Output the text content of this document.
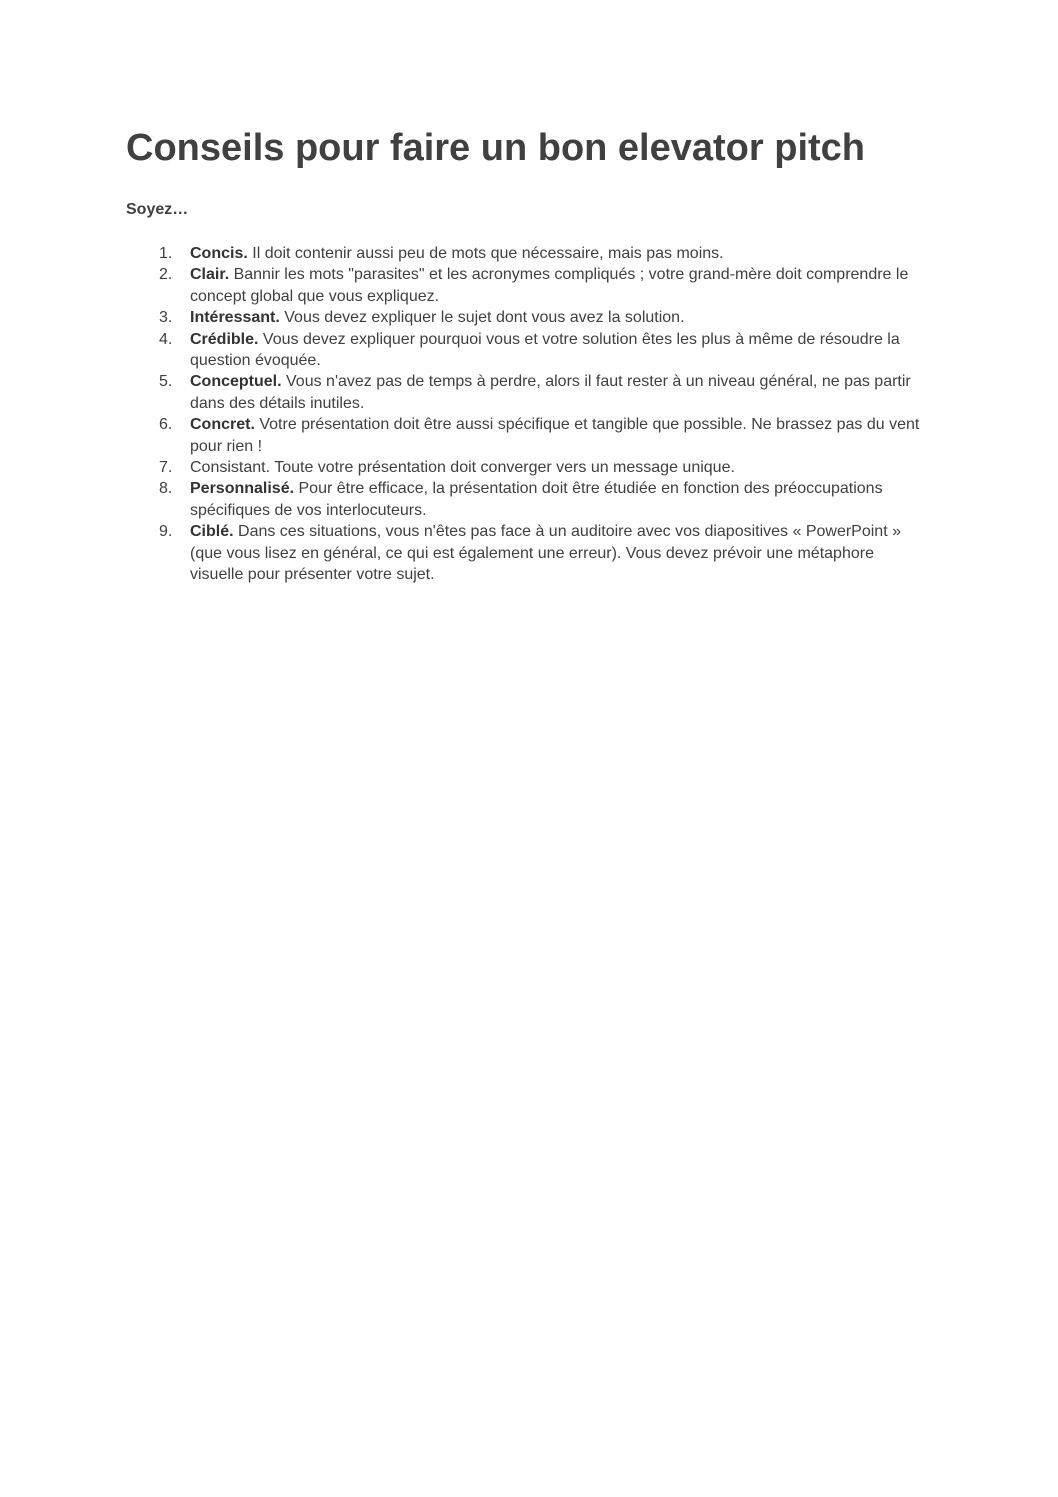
Conseils pour faire un bon elevator pitch

Soyez…

1.	Concis. Il doit contenir aussi peu de mots que nécessaire, mais pas moins.
2.	Clair. Bannir les mots "parasites" et les acronymes compliqués ; votre grand-mère doit comprendre le concept global que vous expliquez.
3.	Intéressant. Vous devez expliquer le sujet dont vous avez la solution.
4.	Crédible. Vous devez expliquer pourquoi vous et votre solution êtes les plus à même de résoudre la question évoquée.
5.	Conceptuel. Vous n'avez pas de temps à perdre, alors il faut rester à un niveau général, ne pas partir dans des détails inutiles.
6.	Concret. Votre présentation doit être aussi spécifique et tangible que possible. Ne brassez pas du vent pour rien !
7.	Consistant. Toute votre présentation doit converger vers un message unique.
8.	Personnalisé. Pour être efficace, la présentation doit être étudiée en fonction des préoccupations spécifiques de vos interlocuteurs.
9.	Ciblé. Dans ces situations, vous n'êtes pas face à un auditoire avec vos diapositives « PowerPoint » (que vous lisez en général, ce qui est également une erreur). Vous devez prévoir une métaphore visuelle pour présenter votre sujet.
